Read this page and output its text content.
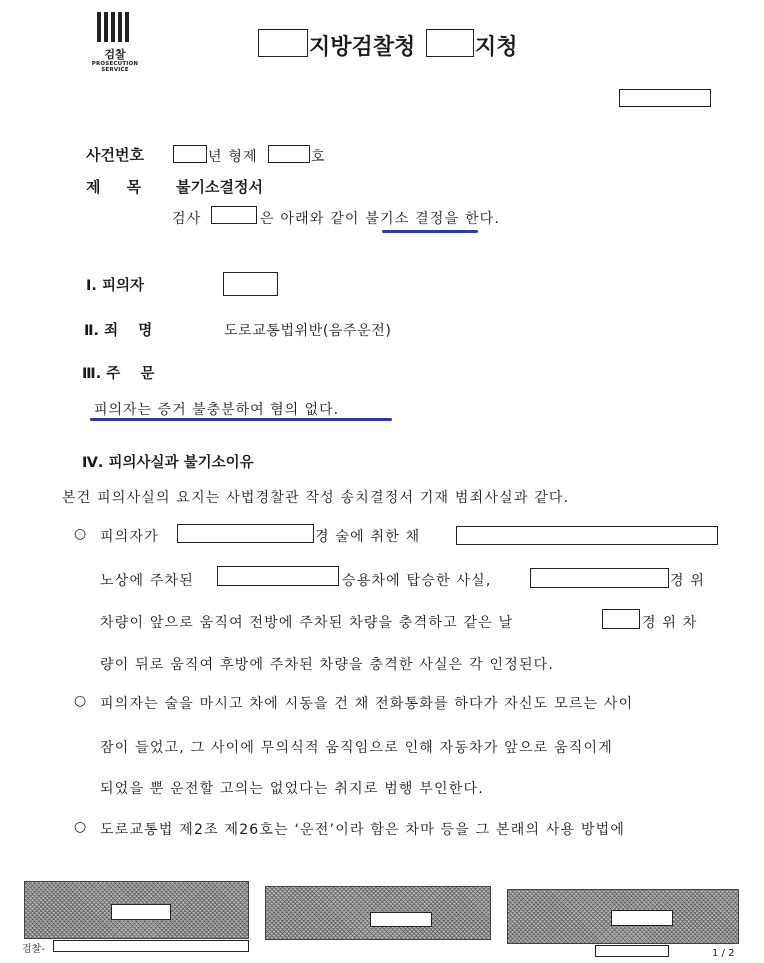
검찰
PROSECUTION SERVICE
지방검찰청	지청
사건번호	년 형제	호
제     목 불기소결정서
검사	은 아래와 같이 불기소 결정을 한다.
Ⅰ. 피의자
Ⅱ. 죄    명	도로교통법위반(음주운전)
Ⅲ. 주    문
피의자는 증거 불충분하여 혐의 없다.
Ⅳ. 피의사실과 불기소이유
본건 피의사실의 요지는 사법경찰관 작성 송치결정서 기재 범죄사실과 같다.
○ 피의자가	경 술에 취한 채
노상에 주차된	승용차에 탑승한 사실,	경 위
차량이 앞으로 움직여 전방에 주차된 차량을 충격하고 같은 날	경 위 차
량이 뒤로 움직여 후방에 주차된 차량을 충격한 사실은 각 인정된다.
○ 피의자는 술을 마시고 차에 시동을 건 채 전화통화를 하다가 자신도 모르는 사이
잠이 들었고, 그 사이에 무의식적 움직임으로 인해 자동차가 앞으로 움직이게
되었을 뿐 운전할 고의는 없었다는 취지로 범행 부인한다.
○ 도로교통법 제2조 제26호는 ‘운전’이라 함은 차마 등을 그 본래의 사용 방법에
검찰-	1 / 2
